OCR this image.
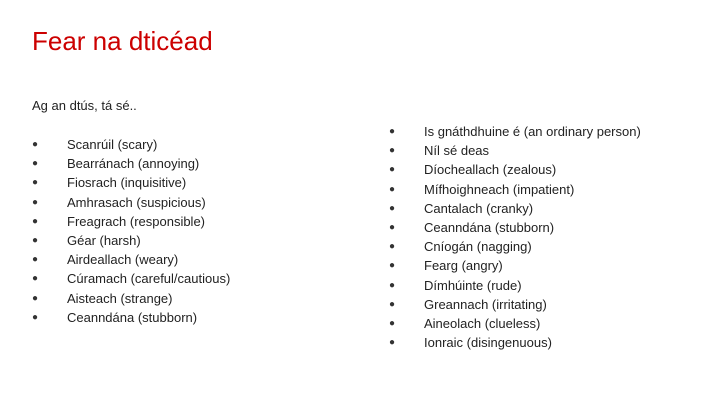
Fear na dticéad
Ag an dtús, tá sé..
● Scanrúil (scary)
● Bearránach (annoying)
● Fiosrach (inquisitive)
● Amhrasach (suspicious)
● Freagrach (responsible)
● Géar (harsh)
● Airdeallach (weary)
● Cúramach (careful/cautious)
● Aisteach (strange)
● Ceanndána (stubborn)
● Is gnáthdhuine é (an ordinary person)
● Níl sé deas
● Díocheallach (zealous)
● Mífhoighneach (impatient)
● Cantalach (cranky)
● Ceanndána (stubborn)
● Cníogán (nagging)
● Fearg (angry)
● Dímhúinte (rude)
● Greannach (irritating)
● Aineolach (clueless)
● Ionraic (disingenuous)
